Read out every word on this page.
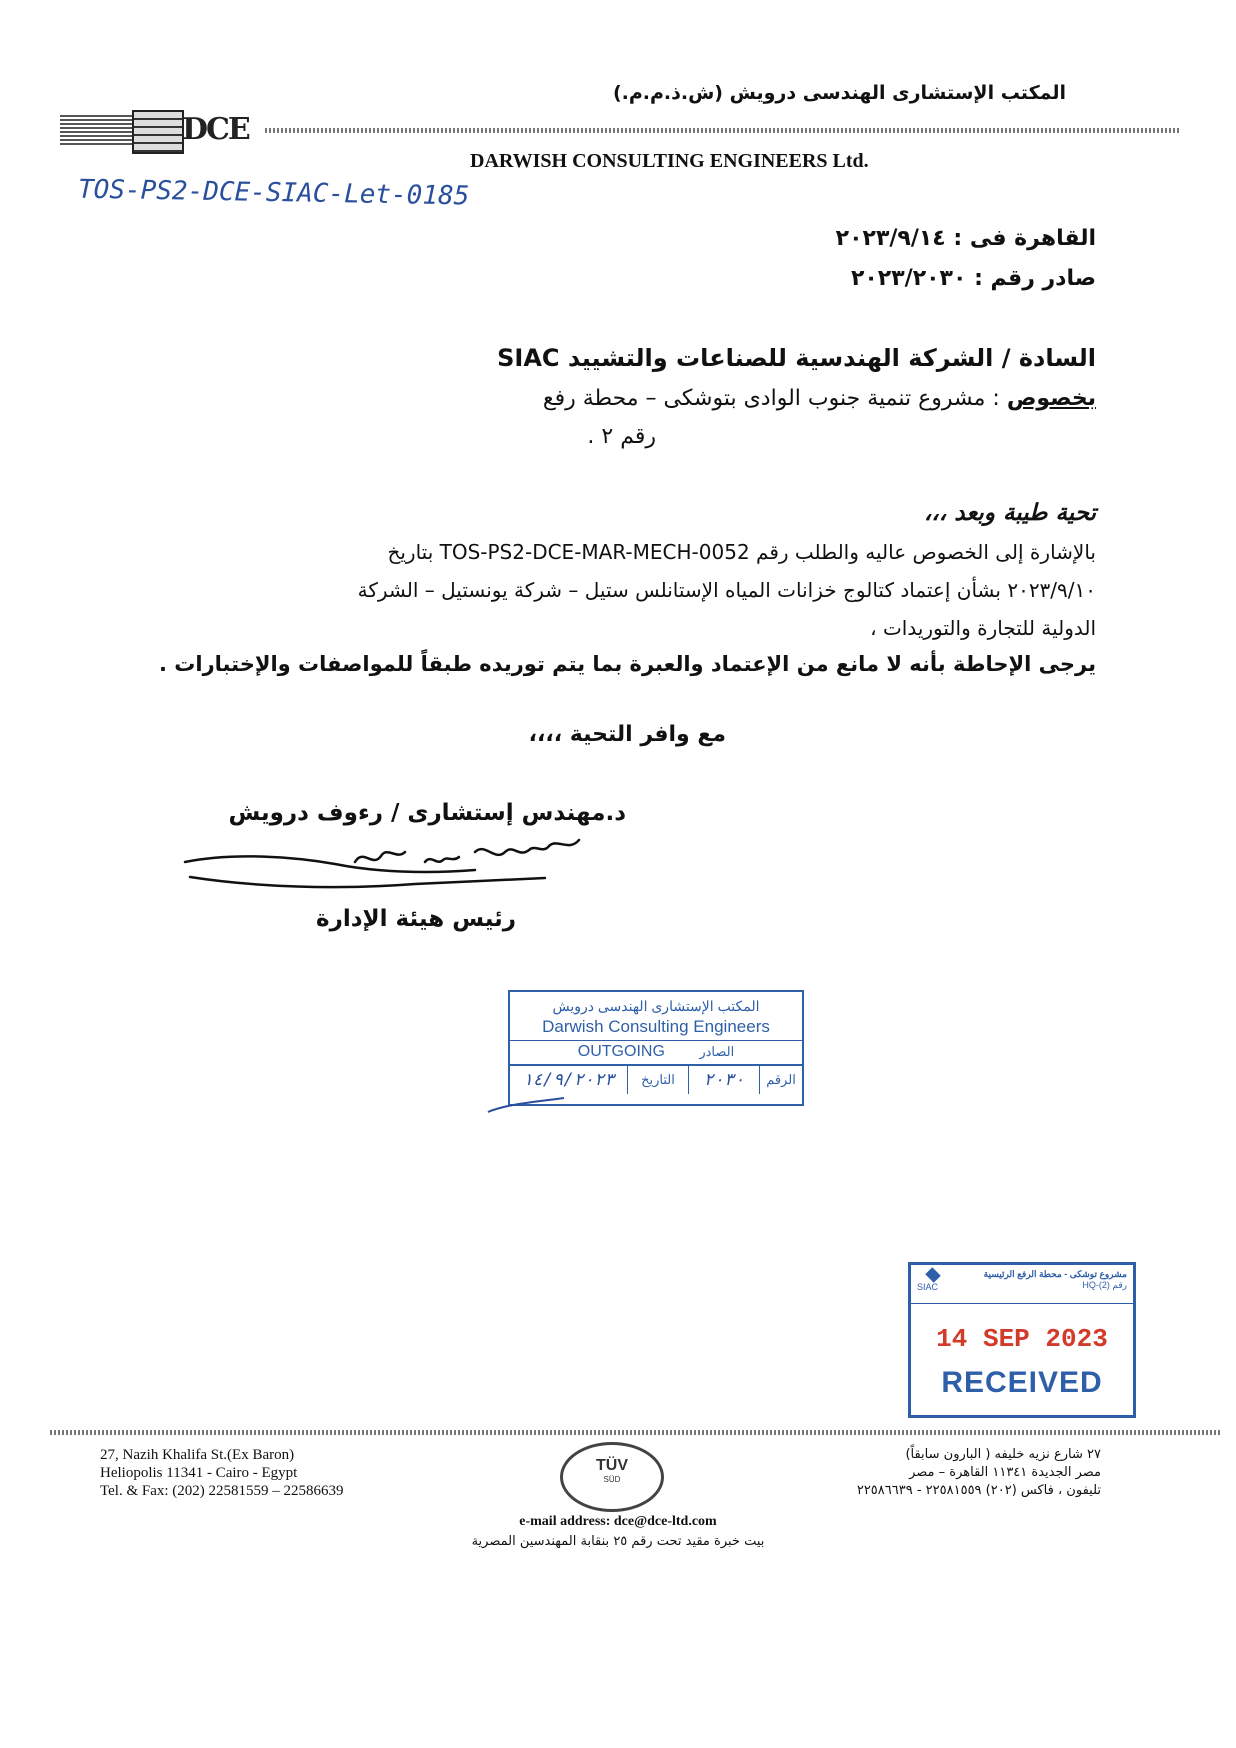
المكتب الإستشارى الهندسى درويش (ش.ذ.م.م.)
DCE
DARWISH CONSULTING ENGINEERS Ltd.
TOS-PS2-DCE-SIAC-Let-0185
القاهرة فى : ٢٠٢٣/٩/١٤
صادر رقم : ٢٠٢٣/٢٠٣٠
السادة / الشركة الهندسية للصناعات والتشييد SIAC
بخصوص : مشروع تنمية جنوب الوادى بتوشكى – محطة رفع
رقم ٢ .
تحية طيبة وبعد ،،،
بالإشارة إلى الخصوص عاليه والطلب رقم TOS-PS2-DCE-MAR-MECH-0052 بتاريخ
٢٠٢٣/٩/١٠ بشأن إعتماد كتالوج خزانات المياه الإستانلس ستيل – شركة يونستيل – الشركة
الدولية للتجارة والتوريدات ،
يرجى الإحاطة بأنه لا مانع من الإعتماد والعبرة بما يتم توريده طبقاً للمواصفات والإختبارات .
مع وافر التحية ،،،،
د.مهندس إستشارى / رءوف درويش
رئيس هيئة الإدارة
المكتب الإستشارى الهندسى درويش
Darwish Consulting Engineers
OUTGOING	الصادر
الرقم
٢٠٣٠
التاريخ
١٤/٩/٢٠٢٣
SIAC
مشروع توشكى - محطة الرفع الرئيسية
رقم (2)-HQ
14 SEP 2023
RECEIVED
27, Nazih Khalifa St.(Ex Baron)
Heliopolis 11341 - Cairo - Egypt
Tel. & Fax: (202) 22581559 – 22586639
TÜV
SÜD
٢٧ شارع نزيه خليفه ( البارون سابقاً)
مصر الجديدة ١١٣٤١ القاهرة – مصر
تليفون ، فاكس (٢٠٢) ٢٢٥٨١٥٥٩ - ٢٢٥٨٦٦٣٩
e-mail address: dce@dce-ltd.com
بيت خبرة مقيد تحت رقم ٢٥ بنقابة المهندسين المصرية
